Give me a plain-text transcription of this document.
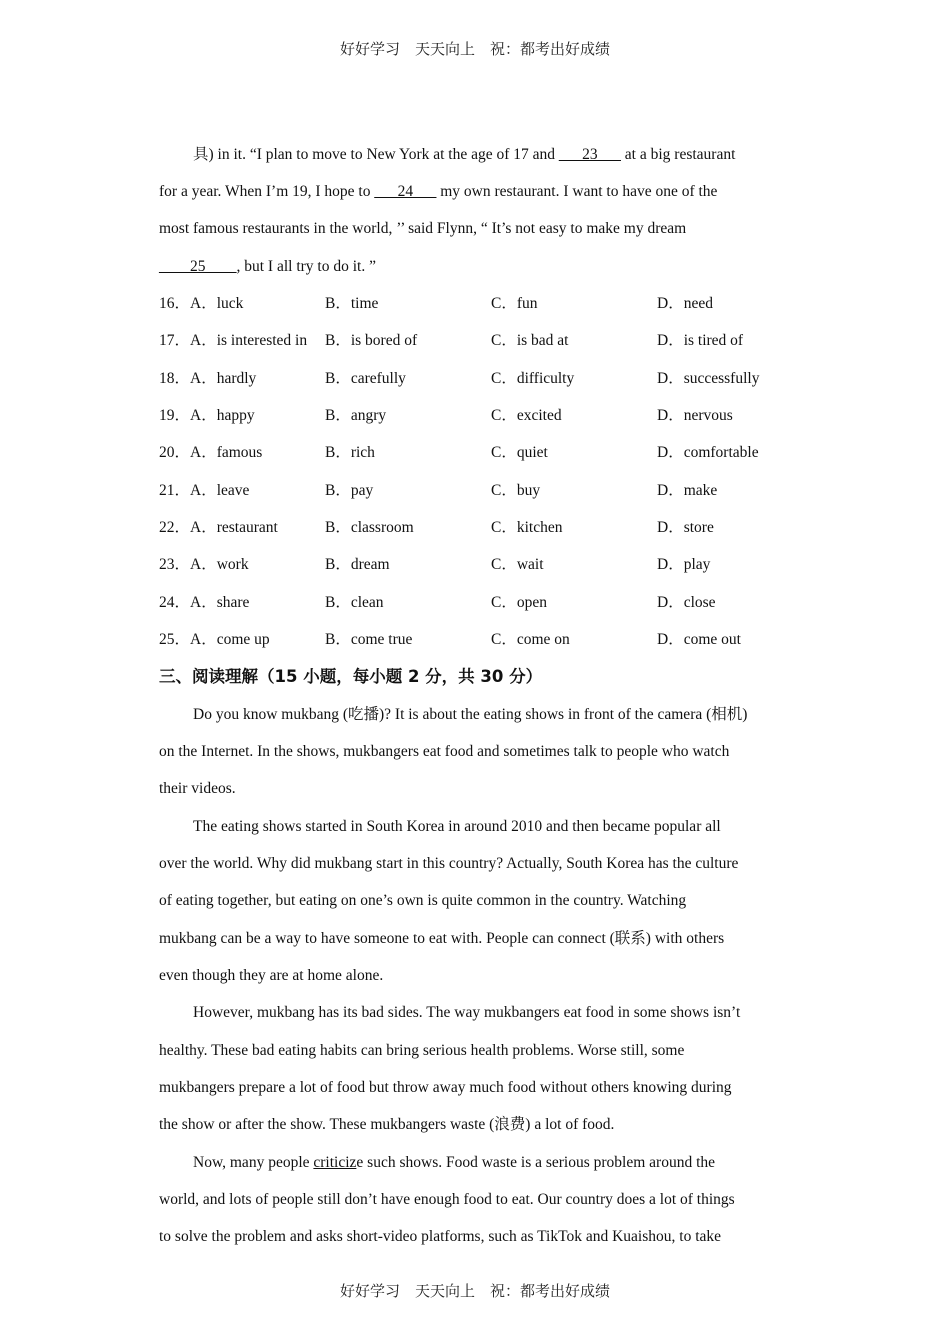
好好学习　天天向上　祝：都考出好成绩
具) in it. “I plan to move to New York at the age of 17 and ___23___ at a big restaurant
for a year. When I’m 19, I hope to ___24___ my own restaurant. I want to have one of the
most famous restaurants in the world, ’’ said Flynn, “ It’s not easy to make my dream
____25____, but I all try to do it. ”
16．A．luck	B．time	C．fun	D．need
17．A．is interested in B．is bored of	C．is bad at	D．is tired of
18．A．hardly	B．carefully	C．difficulty	D．successfully
19．A．happy	B．angry	C．excited	D．nervous
20．A．famous	B．rich	C．quiet	D．comfortable
21．A．leave	B．pay	C．buy	D．make
22．A．restaurant	B．classroom	C．kitchen	D．store
23．A．work	B．dream	C．wait	D．play
24．A．share	B．clean	C．open	D．close
25．A．come up	B．come true	C．come on	D．come out
三、阅读理解（15 小题，每小题 2 分，共 30 分）
Do you know mukbang (吃播)? It is about the eating shows in front of the camera (相机)
on the Internet. In the shows, mukbangers eat food and sometimes talk to people who watch
their videos.
The eating shows started in South Korea in around 2010 and then became popular all
over the world. Why did mukbang start in this country? Actually, South Korea has the culture
of eating together, but eating on one’s own is quite common in the country. Watching
mukbang can be a way to have someone to eat with. People can connect (联系) with others
even though they are at home alone.
However, mukbang has its bad sides. The way mukbangers eat food in some shows isn’t
healthy. These bad eating habits can bring serious health problems. Worse still, some
mukbangers prepare a lot of food but throw away much food without others knowing during
the show or after the show. These mukbangers waste (浪费) a lot of food.
Now, many people criticize such shows. Food waste is a serious problem around the
world, and lots of people still don’t have enough food to eat. Our country does a lot of things
to solve the problem and asks short-video platforms, such as TikTok and Kuaishou, to take
好好学习　天天向上　祝：都考出好成绩
